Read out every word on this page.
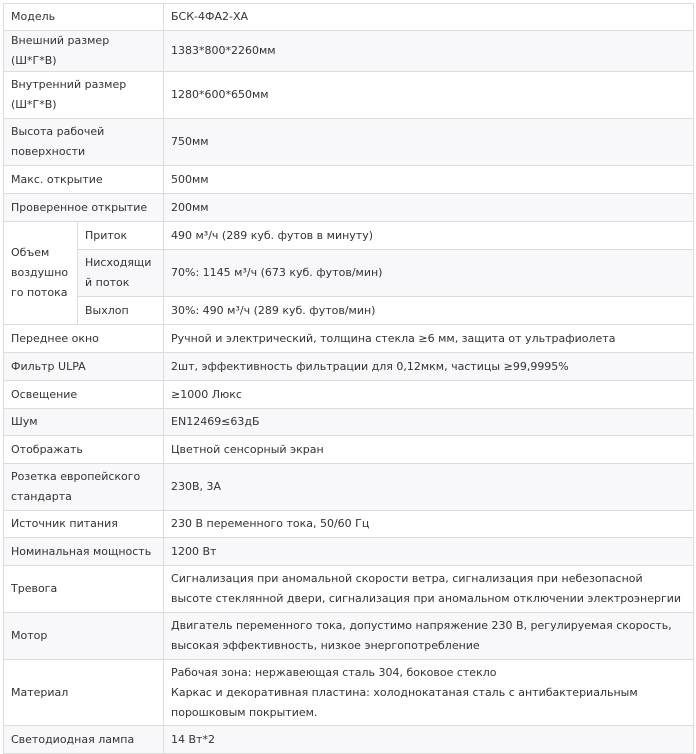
Модель		БСК-4ФА2-ХА
Внешний размер (Ш*Г*В)		1383*800*2260мм
Внутренний размер (Ш*Г*В)		1280*600*650мм
Высота рабочей поверхности		750мм
Макс. открытие		500мм
Проверенное открытие		200мм
Объем воздушного потока	Приток	490 м³/ч (289 куб. футов в минуту)
	Нисходящий поток	70%: 1145 м³/ч (673 куб. футов/мин)
	Выхлоп	30%: 490 м³/ч (289 куб. футов/мин)
Переднее окно		Ручной и электрический, толщина стекла ≥6 мм, защита от ультрафиолета
Фильтр ULPA		2шт, эффективность фильтрации для 0,12мкм, частицы ≥99,9995%
Освещение		≥1000 Люкс
Шум		EN12469≤63дБ
Отображать		Цветной сенсорный экран
Розетка европейского стандарта		230В, 3А
Источник питания		230 В переменного тока, 50/60 Гц
Номинальная мощность		1200 Вт
Тревога		Сигнализация при аномальной скорости ветра, сигнализация при небезопасной высоте стеклянной двери, сигнализация при аномальном отключении электроэнергии
Мотор		Двигатель переменного тока, допустимо напряжение 230 В, регулируемая скорость, высокая эффективность, низкое энергопотребление
Материал		Рабочая зона: нержавеющая сталь 304, боковое стекло
Каркас и декоративная пластина: холоднокатаная сталь с антибактериальным порошковым покрытием.

Светодиодная лампа		14 Вт*2
